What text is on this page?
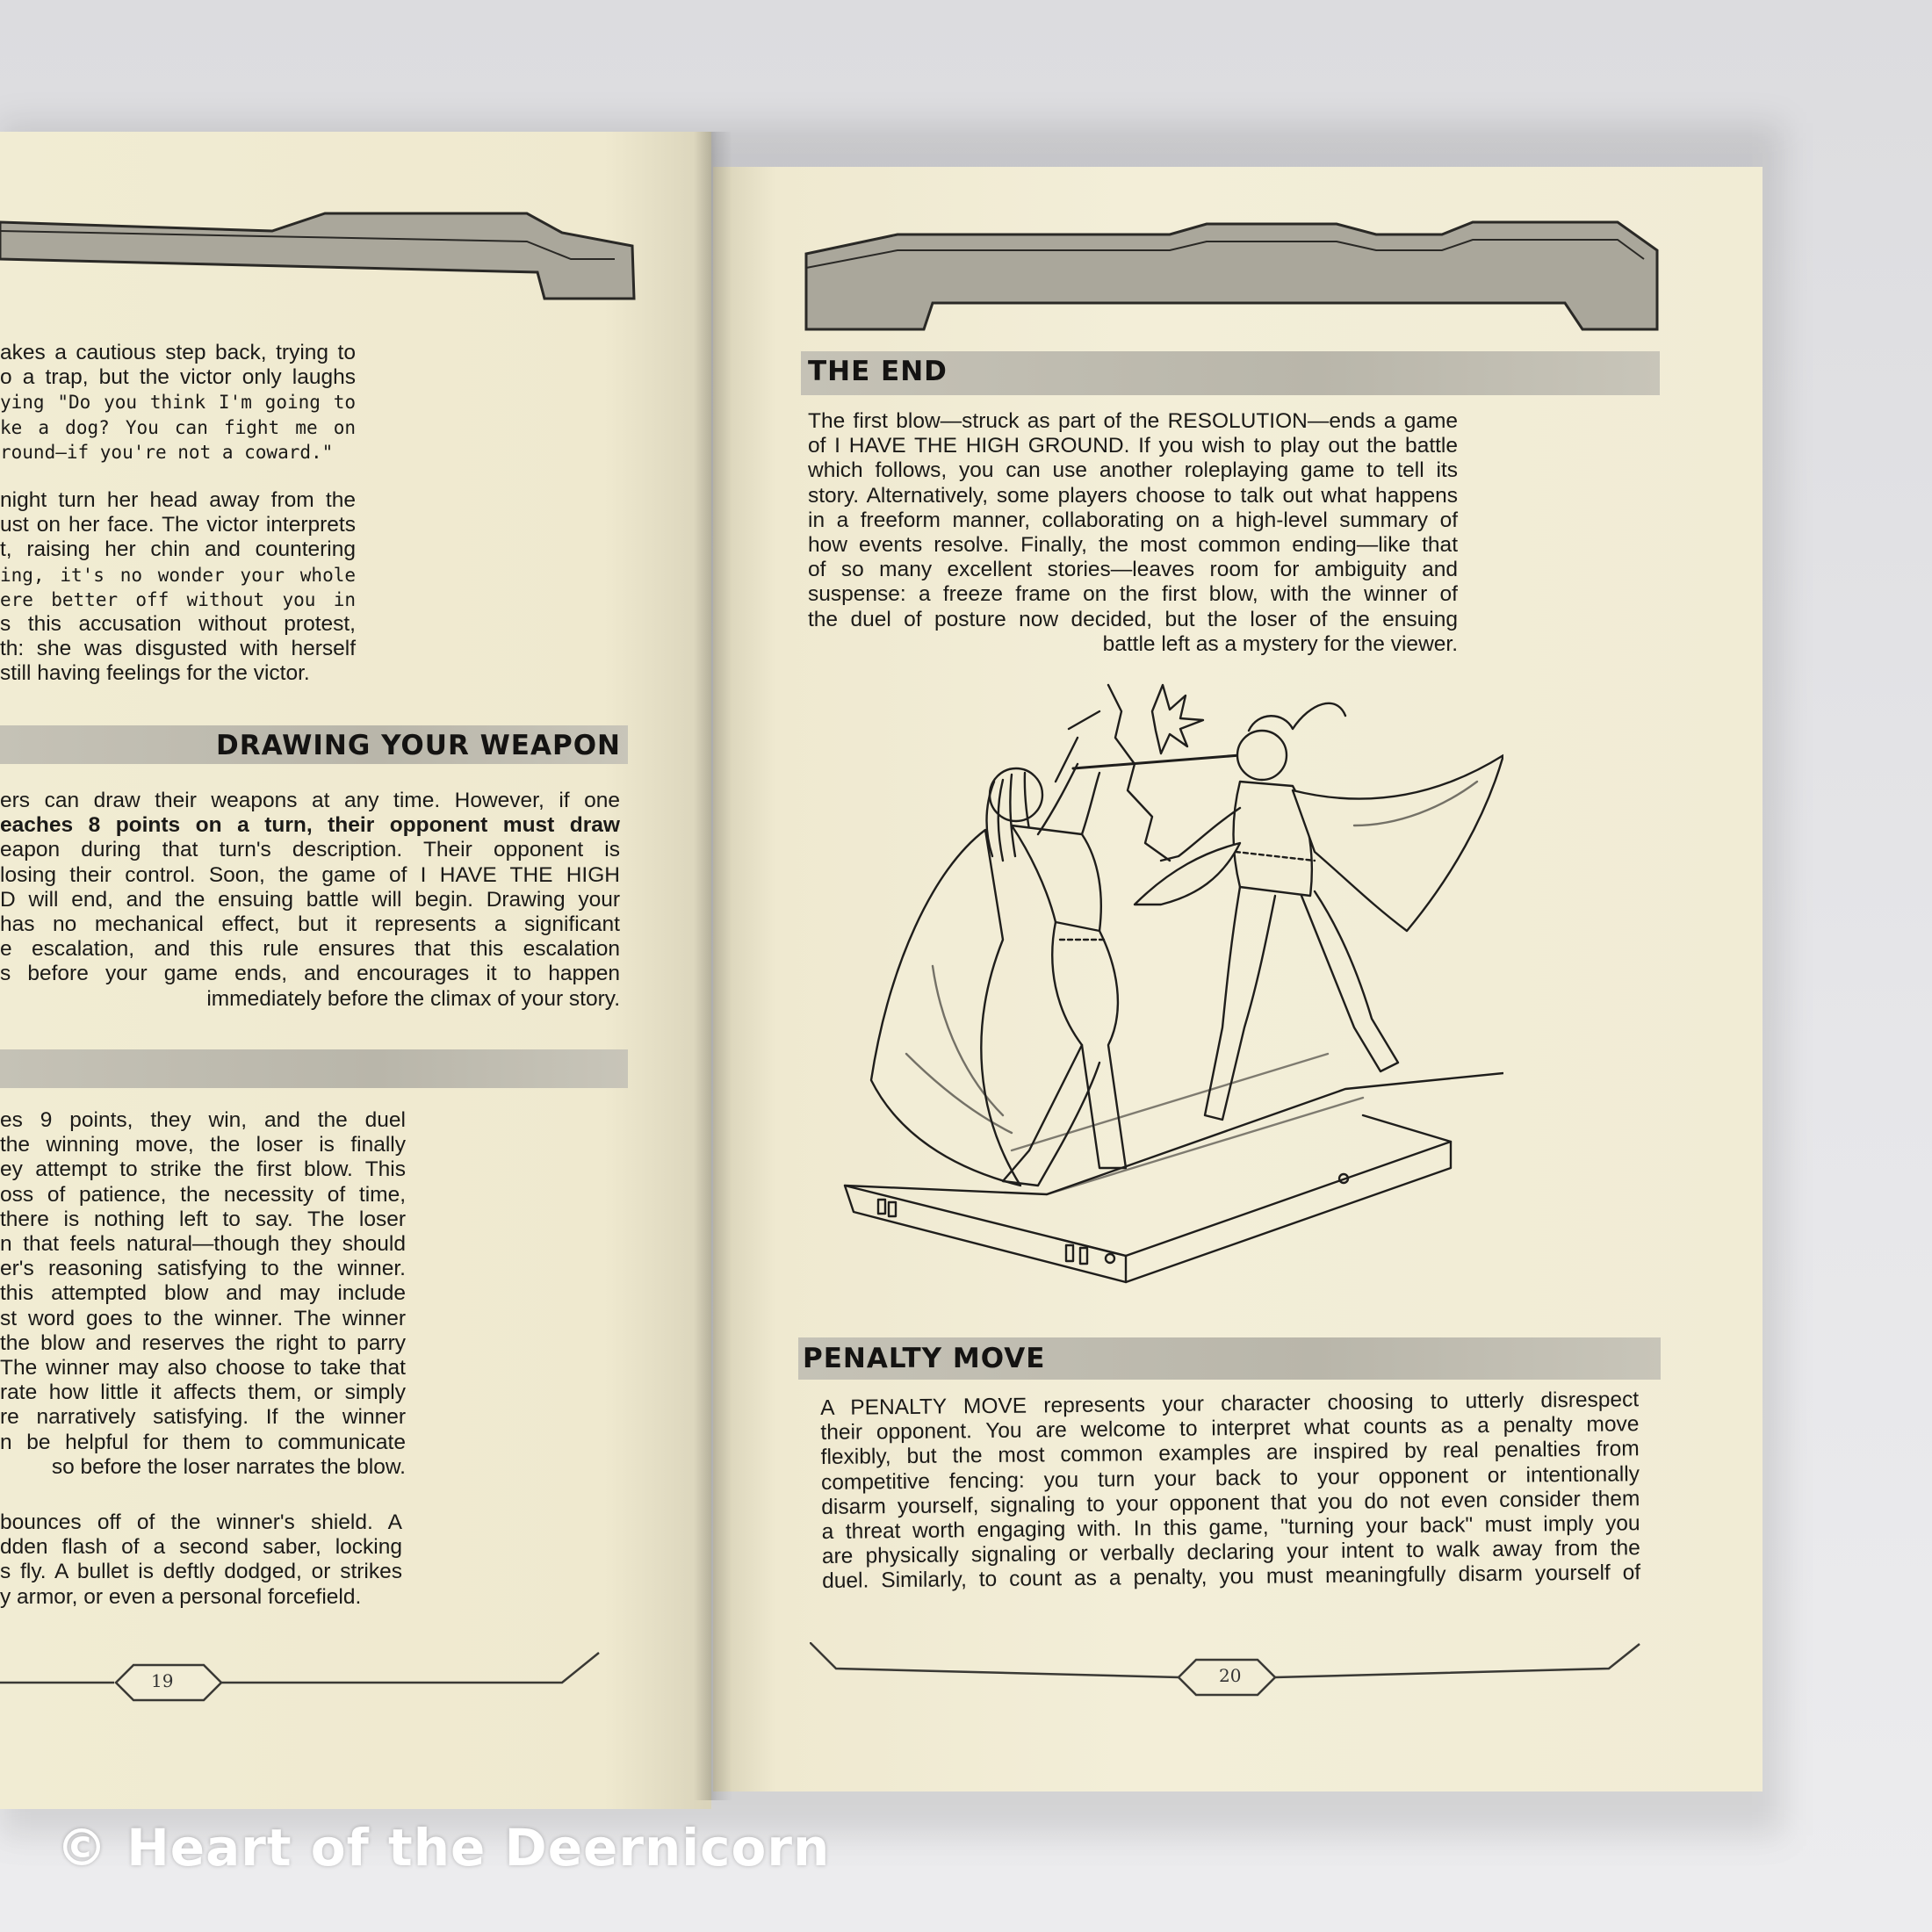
akes a cautious step back, trying to
o a trap, but the victor only laughs
ying "Do you think I'm going to
ke a dog? You can fight me on
round—if you're not a coward."
night turn her head away from the
ust on her face. The victor interprets
t, raising her chin and countering
ing, it's no wonder your whole
ere better off without you in
s this accusation without protest,
th: she was disgusted with herself
still having feelings for the victor.
DRAWING YOUR WEAPON
ers can draw their weapons at any time. However, if one
eaches 8 points on a turn, their opponent must draw
eapon during that turn's description. Their opponent is
losing their control. Soon, the game of I HAVE THE HIGH
D will end, and the ensuing battle will begin. Drawing your
has no mechanical effect, but it represents a significant
e escalation, and this rule ensures that this escalation
s before your game ends, and encourages it to happen
immediately before the climax of your story.
es 9 points, they win, and the duel
the winning move, the loser is finally
ey attempt to strike the first blow. This
oss of patience, the necessity of time,
there is nothing left to say. The loser
n that feels natural—though they should
er's reasoning satisfying to the winner.
this attempted blow and may include
st word goes to the winner. The winner
the blow and reserves the right to parry
The winner may also choose to take that
rate how little it affects them, or simply
re narratively satisfying. If the winner
n be helpful for them to communicate
so before the loser narrates the blow.
bounces off of the winner's shield. A
dden flash of a second saber, locking
s fly. A bullet is deftly dodged, or strikes
y armor, or even a personal forcefield.
19
THE END
The first blow—struck as part of the RESOLUTION—ends a game
of I HAVE THE HIGH GROUND. If you wish to play out the battle
which follows, you can use another roleplaying game to tell its
story. Alternatively, some players choose to talk out what happens
in a freeform manner, collaborating on a high-level summary of
how events resolve. Finally, the most common ending—like that
of so many excellent stories—leaves room for ambiguity and
suspense: a freeze frame on the first blow, with the winner of
the duel of posture now decided, but the loser of the ensuing
battle left as a mystery for the viewer.
PENALTY MOVE
A PENALTY MOVE represents your character choosing to utterly disrespect
their opponent. You are welcome to interpret what counts as a penalty move
flexibly, but the most common examples are inspired by real penalties from
competitive fencing: you turn your back to your opponent or intentionally
disarm yourself, signaling to your opponent that you do not even consider them
a threat worth engaging with. In this game, "turning your back" must imply you
are physically signaling or verbally declaring your intent to walk away from the
duel. Similarly, to count as a penalty, you must meaningfully disarm yourself of
20
© Heart of the Deernicorn
